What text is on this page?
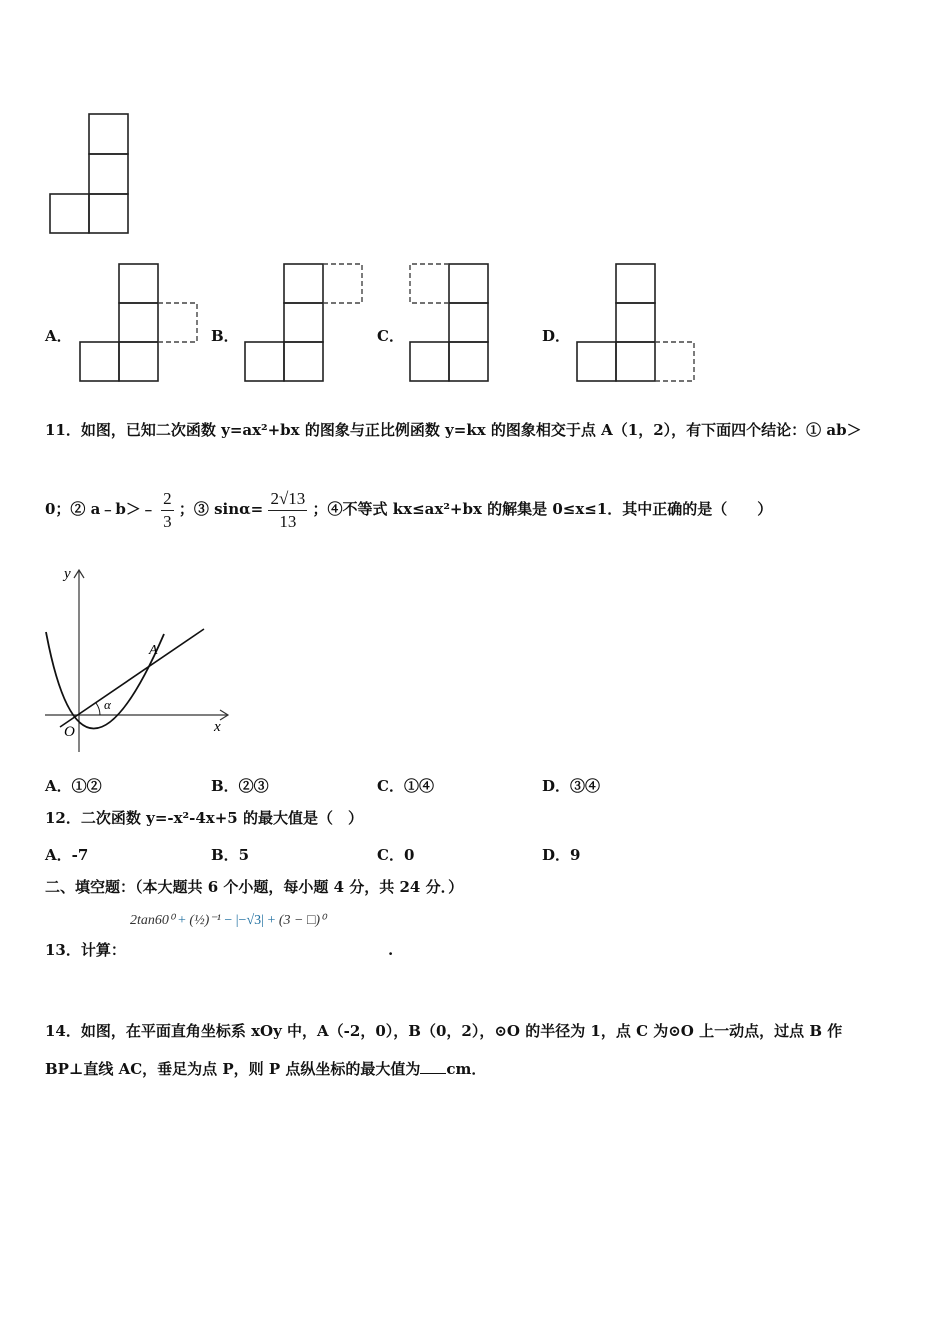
A．	B．	C．	D．
11．如图，已知二次函数 y=ax²+bx 的图象与正比例函数 y=kx 的图象相交于点 A（1，2），有下面四个结论：① ab＞
0；② a﹣b＞﹣ $\frac{2}{3}$ ；③ $\sin\alpha= \frac{2√13}{13}$ ；④不等式 kx≤ax²+bx 的解集是 0≤x≤1．其中正确的是（　　）
y
x
O
A
α
A．①②	B．②③	C．①④	D．③④
12．二次函数 y=-x²-4x+5 的最大值是（　）
A．-7	B．5	C．0	D．9
二、填空题：（本大题共 6 个小题，每小题 4 分，共 24 分．）
2tan60⁰ + (½)⁻¹ − |−√3| + (3 − □)⁰
13．计算：	.
14．如图，在平面直角坐标系 xOy 中，A（-2，0），B（0，2），⊙O 的半径为 1，点 C 为⊙O 上一动点，过点 B 作
BP⊥直线 AC，垂足为点 P，则 P 点纵坐标的最大值为 cm．
